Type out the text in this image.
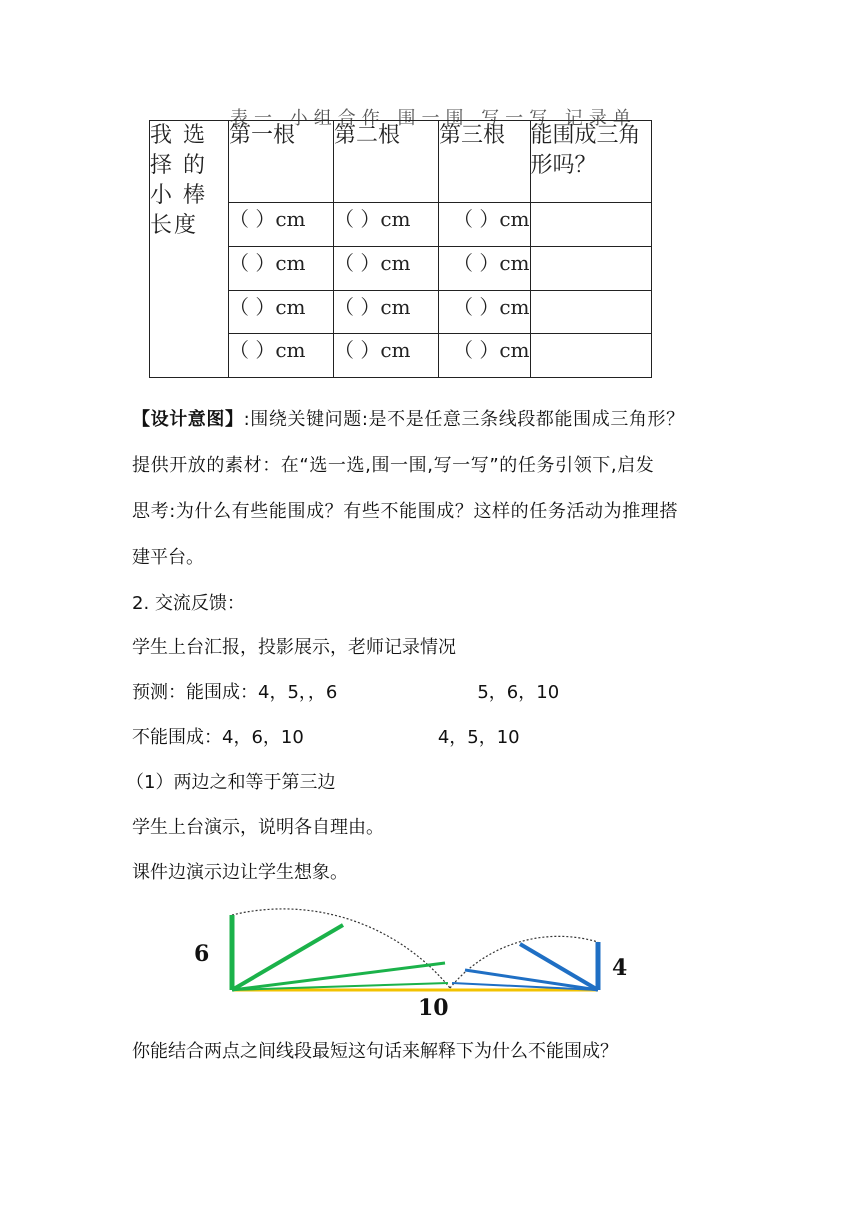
表一 小组合作 围一围 写一写 记录单
我 选
择 的
小 棒
长度	第一根	第二根	第三根	能围成三角
形吗？
	（ ）cm	（ ）cm	（ ）cm	
	（ ）cm	（ ）cm	（ ）cm	
	（ ）cm	（ ）cm	（ ）cm	
	（ ）cm	（ ）cm	（ ）cm	
【设计意图】:围绕关键问题:是不是任意三条线段都能围成三角形？
提供开放的素材：在“选一选,围一围,写一写”的任务引领下,启发
思考:为什么有些能围成？有些不能围成？这样的任务活动为推理搭
建平台。
2. 交流反馈：
学生上台汇报，投影展示，老师记录情况
预测：能围成：4，5，，6	5，6，10
不能围成：4，6，10	4，5，10
（1）两边之和等于第三边
学生上台演示，说明各自理由。
课件边演示边让学生想象。
6
4
10
你能结合两点之间线段最短这句话来解释下为什么不能围成？
